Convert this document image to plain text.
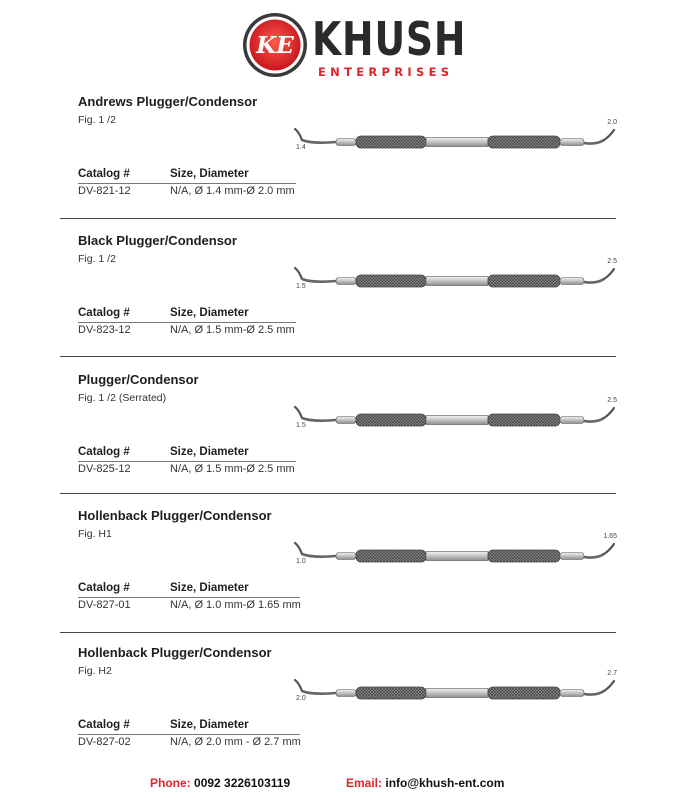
KE KHUSH
ENTERPRISES
Andrews Plugger/Condensor
Fig. 1 /2
1.4
2.0
Catalog #	Size, Diameter
DV-821-12	N/A, Ø 1.4 mm-Ø 2.0 mm
Black Plugger/Condensor
Fig. 1 /2
1.5
2.5
Catalog #	Size, Diameter
DV-823-12	N/A, Ø 1.5 mm-Ø 2.5 mm
Plugger/Condensor
Fig. 1 /2 (Serrated)
1.5
2.5
Catalog #	Size, Diameter
DV-825-12	N/A, Ø 1.5 mm-Ø 2.5 mm
Hollenback Plugger/Condensor
Fig. H1
1.0
1.65
Catalog #	Size, Diameter
DV-827-01	N/A, Ø 1.0 mm-Ø 1.65 mm
Hollenback Plugger/Condensor
Fig. H2
2.0
2.7
Catalog #	Size, Diameter
DV-827-02	N/A, Ø 2.0 mm - Ø 2.7 mm
Phone: 0092 3226103119	Email: info@khush-ent.com
